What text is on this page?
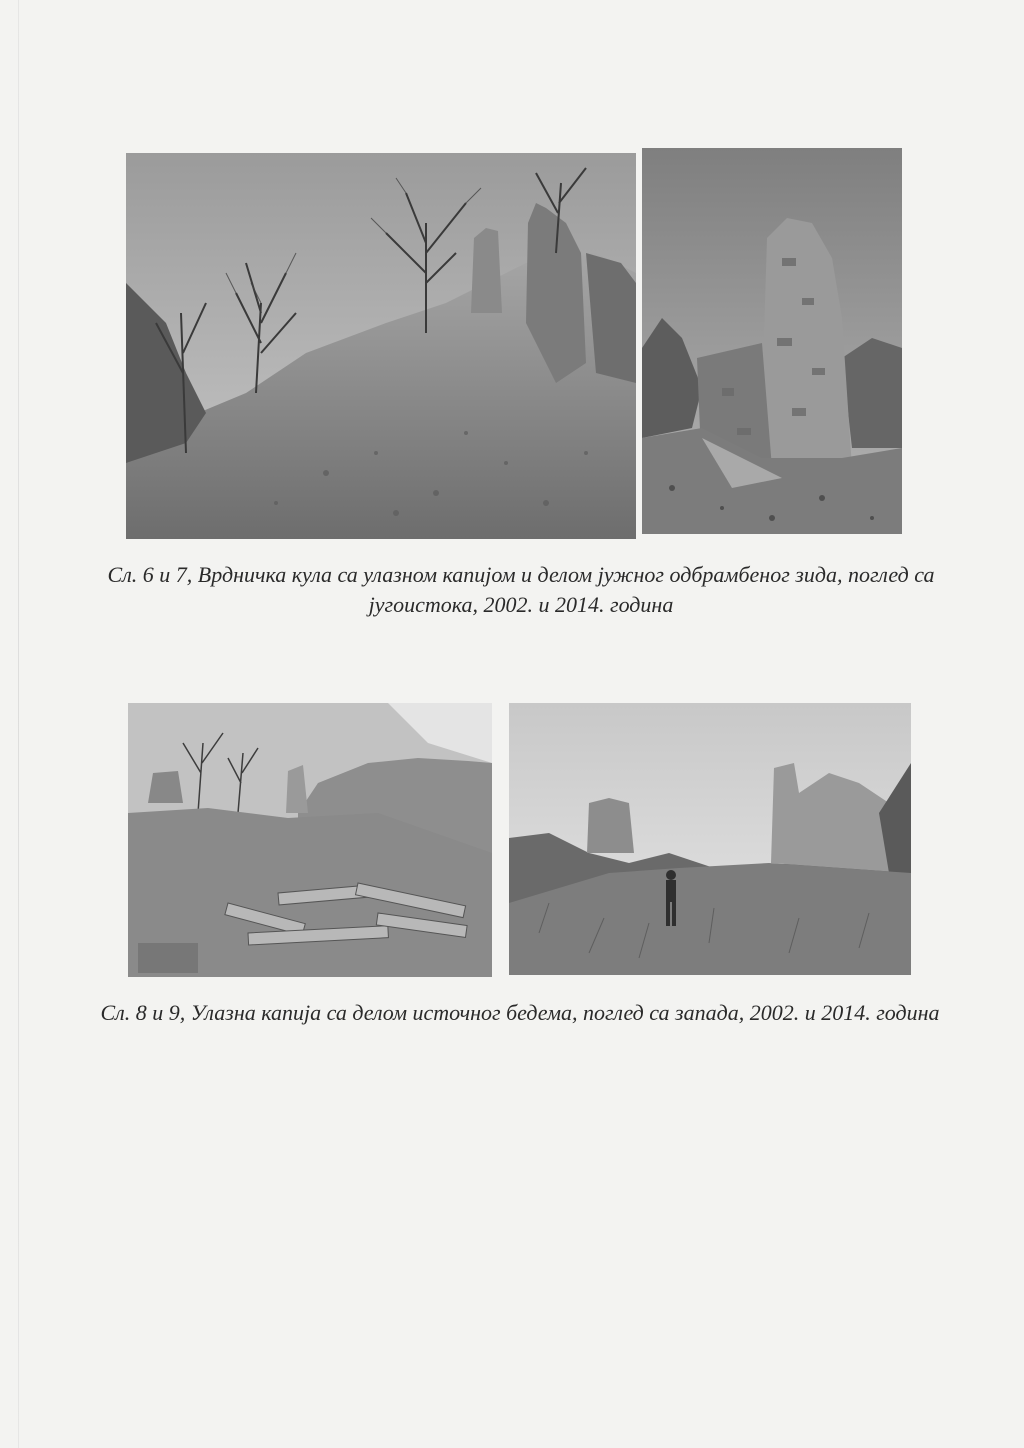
Сл. 6 и 7, Врдничка кула са улазном капијом и делом јужног одбрамбеног зида, поглед са
југоистока, 2002. и 2014. година

Сл. 8 и 9, Улазна капија са делом источног бедема, поглед са запада, 2002. и 2014. година
